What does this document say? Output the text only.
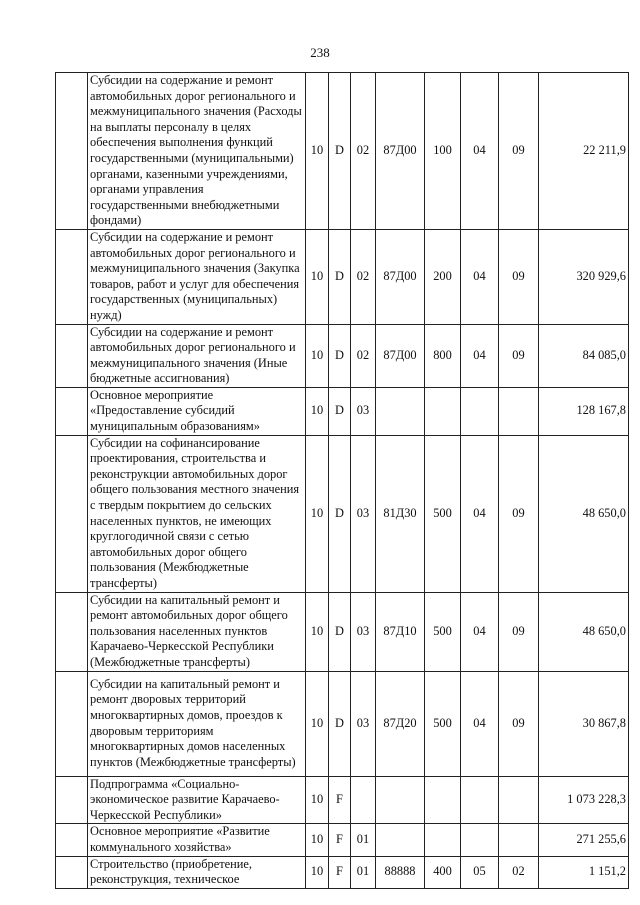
238
	Субсидии на содержание и ремонт автомобильных дорог регионального и межмуниципального значения (Расходы на выплаты персоналу в целях обеспечения выполнения функций государственными (муниципальными) органами, казенными учреждениями, органами управления государственными внебюджетными фондами)	10	D	02	87Д00	100	04	09	22 211,9
	Субсидии на содержание и ремонт автомобильных дорог регионального и межмуниципального значения (Закупка товаров, работ и услуг для обеспечения государственных (муниципальных) нужд)	10	D	02	87Д00	200	04	09	320 929,6
	Субсидии на содержание и ремонт автомобильных дорог регионального и межмуниципального значения (Иные бюджетные ассигнования)	10	D	02	87Д00	800	04	09	84 085,0
	Основное мероприятие «Предоставление субсидий муниципальным образованиям»	10	D	03					128 167,8
	Субсидии на софинансирование проектирования, строительства и реконструкции автомобильных дорог общего пользования местного значения с твердым покрытием до сельских населенных пунктов, не имеющих круглогодичной связи с сетью автомобильных дорог общего пользования (Межбюджетные трансферты)	10	D	03	81Д30	500	04	09	48 650,0
	Субсидии на капитальный ремонт и ремонт автомобильных дорог общего пользования населенных пунктов Карачаево-Черкесской Республики (Межбюджетные трансферты)	10	D	03	87Д10	500	04	09	48 650,0
	Субсидии на капитальный ремонт и ремонт дворовых территорий многоквартирных домов, проездов к дворовым территориям многоквартирных домов населенных пунктов (Межбюджетные трансферты)	10	D	03	87Д20	500	04	09	30 867,8
	Подпрограмма «Социально-экономическое развитие Карачаево-Черкесской Республики»	10	F						1 073 228,3
	Основное мероприятие «Развитие коммунального хозяйства»	10	F	01					271 255,6
	Строительство (приобретение, реконструкция, техническое	10	F	01	88888	400	05	02	1 151,2
